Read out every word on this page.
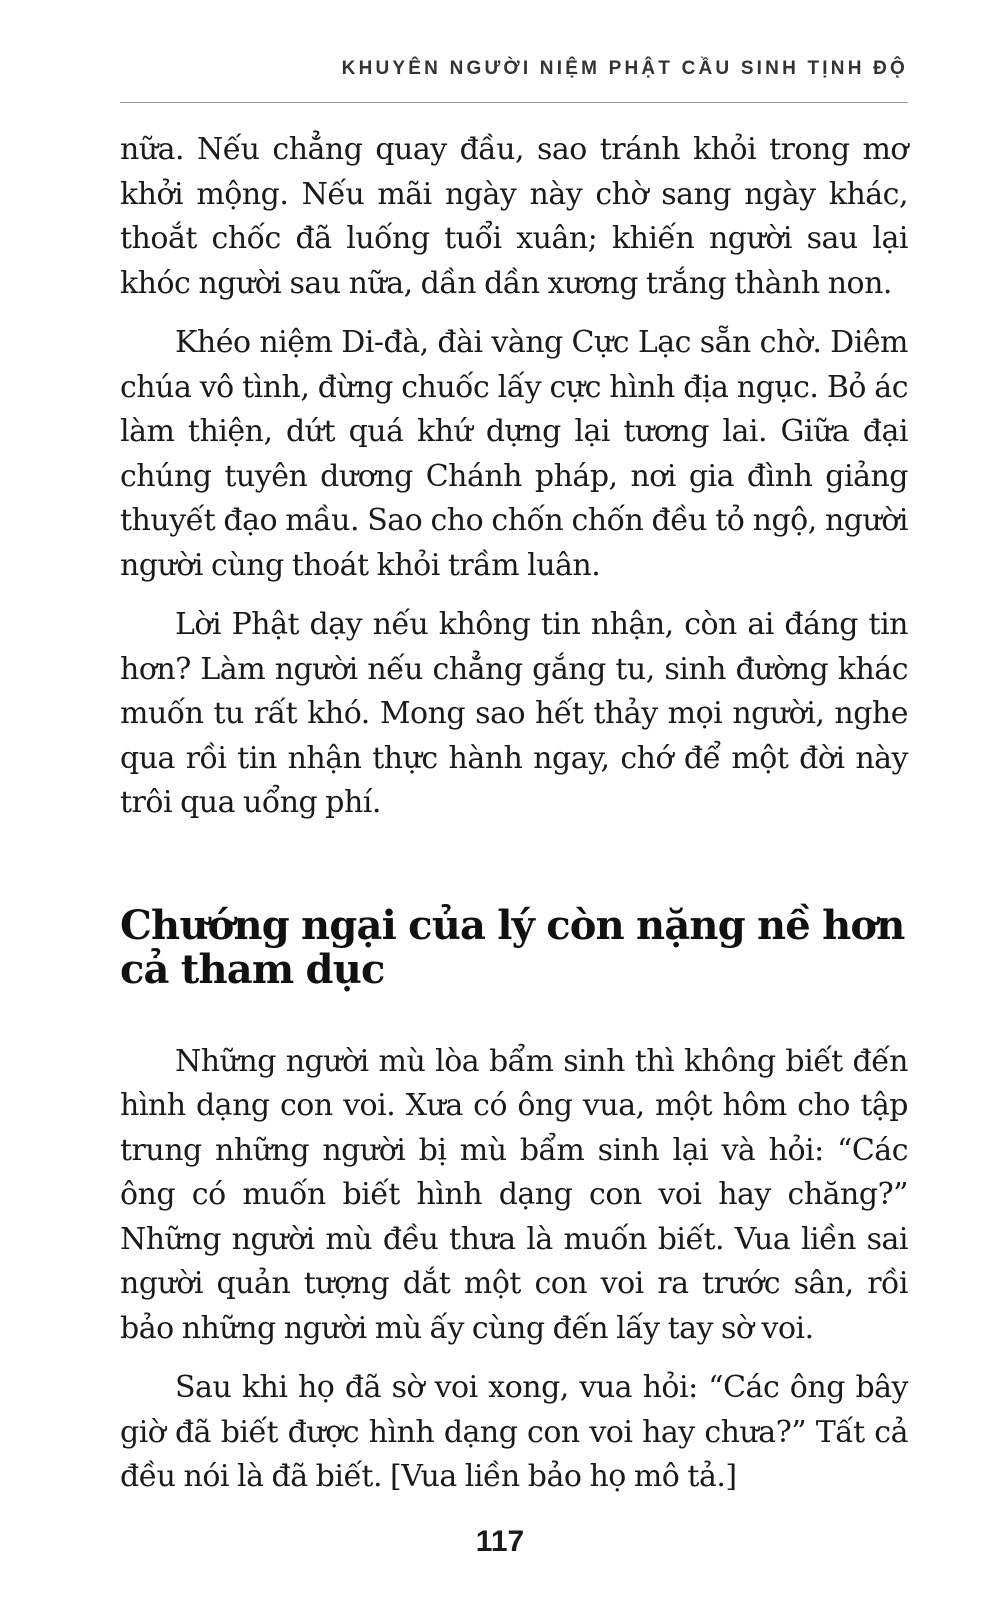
KHUYÊN NGƯỜI NIỆM PHẬT CẦU SINH TỊNH ĐỘ

nữa. Nếu chẳng quay đầu, sao tránh khỏi trong mơ khởi mộng. Nếu mãi ngày này chờ sang ngày khác, thoắt chốc đã luống tuổi xuân; khiến người sau lại khóc người sau nữa, dần dần xương trắng thành non.

Khéo niệm Di-đà, đài vàng Cực Lạc sẵn chờ. Diêm chúa vô tình, đừng chuốc lấy cực hình địa ngục. Bỏ ác làm thiện, dứt quá khứ dựng lại tương lai. Giữa đại chúng tuyên dương Chánh pháp, nơi gia đình giảng thuyết đạo mầu. Sao cho chốn chốn đều tỏ ngộ, người người cùng thoát khỏi trầm luân.

Lời Phật dạy nếu không tin nhận, còn ai đáng tin hơn? Làm người nếu chẳng gắng tu, sinh đường khác muốn tu rất khó. Mong sao hết thảy mọi người, nghe qua rồi tin nhận thực hành ngay, chớ để một đời này trôi qua uổng phí.

Chướng ngại của lý còn nặng nề hơn cả tham dục

Những người mù lòa bẩm sinh thì không biết đến hình dạng con voi. Xưa có ông vua, một hôm cho tập trung những người bị mù bẩm sinh lại và hỏi: “Các ông có muốn biết hình dạng con voi hay chăng?” Những người mù đều thưa là muốn biết. Vua liền sai người quản tượng dắt một con voi ra trước sân, rồi bảo những người mù ấy cùng đến lấy tay sờ voi.

Sau khi họ đã sờ voi xong, vua hỏi: “Các ông bây giờ đã biết được hình dạng con voi hay chưa?” Tất cả đều nói là đã biết. [Vua liền bảo họ mô tả.]

117
